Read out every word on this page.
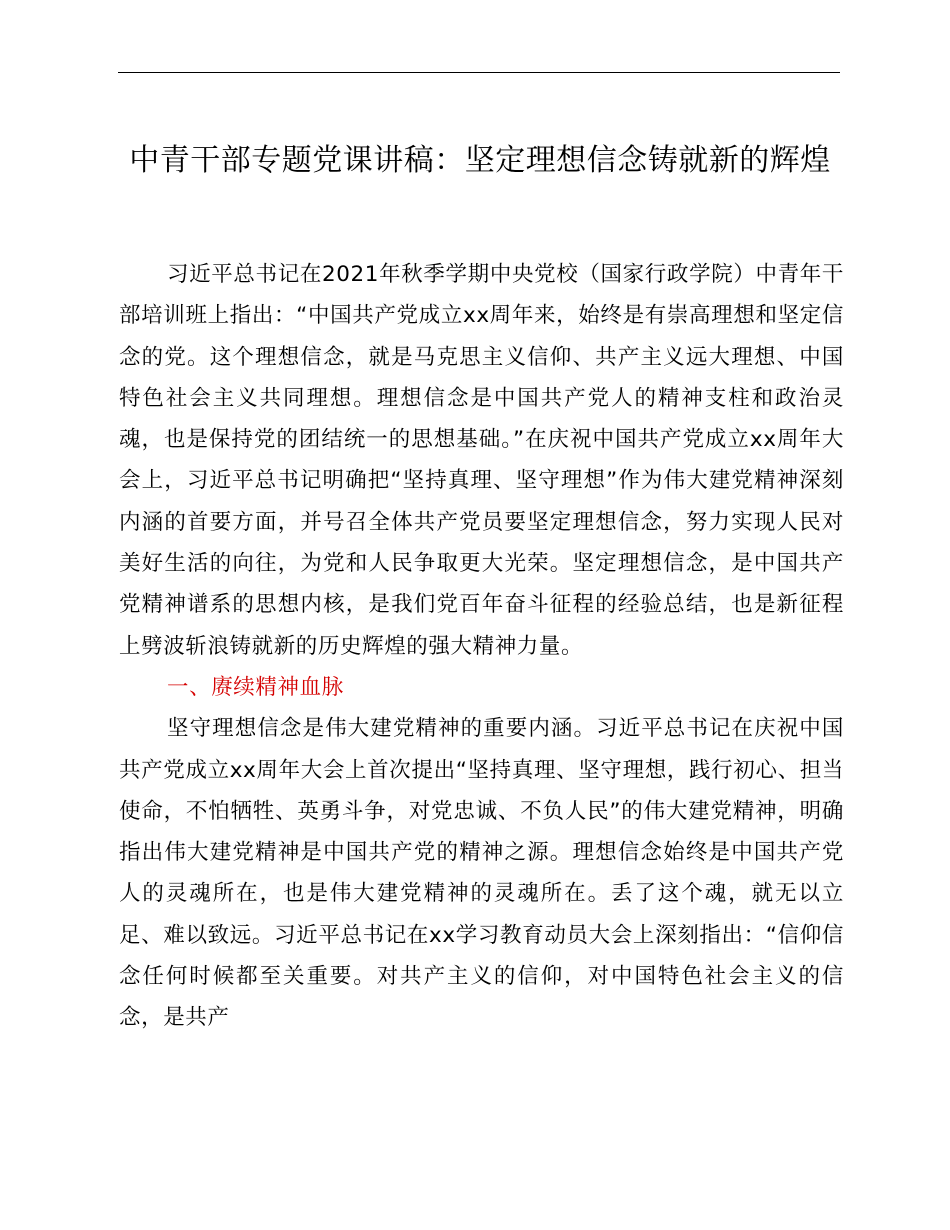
中青干部专题党课讲稿：坚定理想信念铸就新的辉煌

习近平总书记在2021年秋季学期中央党校（国家行政学院）中青年干部培训班上指出：“中国共产党成立xx周年来，始终是有崇高理想和坚定信念的党。这个理想信念，就是马克思主义信仰、共产主义远大理想、中国特色社会主义共同理想。理想信念是中国共产党人的精神支柱和政治灵魂，也是保持党的团结统一的思想基础。”在庆祝中国共产党成立xx周年大会上，习近平总书记明确把“坚持真理、坚守理想”作为伟大建党精神深刻内涵的首要方面，并号召全体共产党员要坚定理想信念，努力实现人民对美好生活的向往，为党和人民争取更大光荣。坚定理想信念，是中国共产党精神谱系的思想内核，是我们党百年奋斗征程的经验总结，也是新征程上劈波斩浪铸就新的历史辉煌的强大精神力量。

一、赓续精神血脉

坚守理想信念是伟大建党精神的重要内涵。习近平总书记在庆祝中国共产党成立xx周年大会上首次提出“坚持真理、坚守理想，践行初心、担当使命，不怕牺牲、英勇斗争，对党忠诚、不负人民”的伟大建党精神，明确指出伟大建党精神是中国共产党的精神之源。理想信念始终是中国共产党人的灵魂所在，也是伟大建党精神的灵魂所在。丢了这个魂，就无以立足、难以致远。习近平总书记在xx学习教育动员大会上深刻指出：“信仰信念任何时候都至关重要。对共产主义的信仰，对中国特色社会主义的信念，是共产
